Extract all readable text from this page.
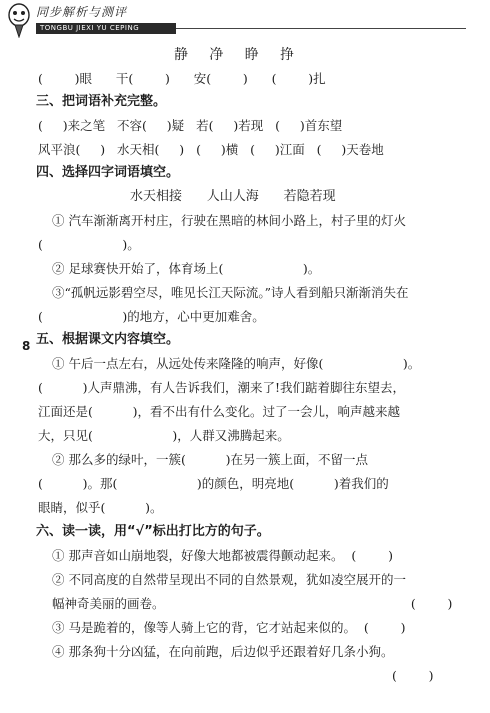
同步解析与测评
TONGBU JIEXI YU CEPING
8
静   净   睁   挣
(        )眼      干(        )      安(        )      (        )扎
三、把词语补充完整。
(     )来之笔   不容(     )疑   若(     )若现   (     )首东望
风平浪(     )   水天相(     )   (     )横   (     )江面   (     )天卷地
四、选择四字词语填空。
水天相接      人山人海      若隐若现
① 汽车渐渐离开村庄，行驶在黑暗的林间小路上，村子里的灯火
(                    )。
② 足球赛快开始了，体育场上(                    )。
③“孤帆远影碧空尽，唯见长江天际流。”诗人看到船只渐渐消失在
(                    )的地方，心中更加难舍。
五、根据课文内容填空。
① 午后一点左右，从远处传来隆隆的响声，好像(                    )。
(          )人声鼎沸，有人告诉我们，潮来了!我们踮着脚往东望去，
江面还是(          )，看不出有什么变化。过了一会儿，响声越来越
大，只见(                    )，人群又沸腾起来。
② 那么多的绿叶，一簇(          )在另一簇上面，不留一点
(          )。那(                    )的颜色，明亮地(          )着我们的
眼睛，似乎(          )。
六、读一读，用“√”标出打比方的句子。
① 那声音如山崩地裂，好像大地都被震得颤动起来。  (        )
② 不同高度的自然带呈现出不同的自然景观，犹如凌空展开的一
幅神奇美丽的画卷。                                                              (        )
③ 马是跪着的，像等人骑上它的背，它才站起来似的。  (        )
④ 那条狗十分凶猛，在向前跑，后边似乎还跟着好几条小狗。
(        )
